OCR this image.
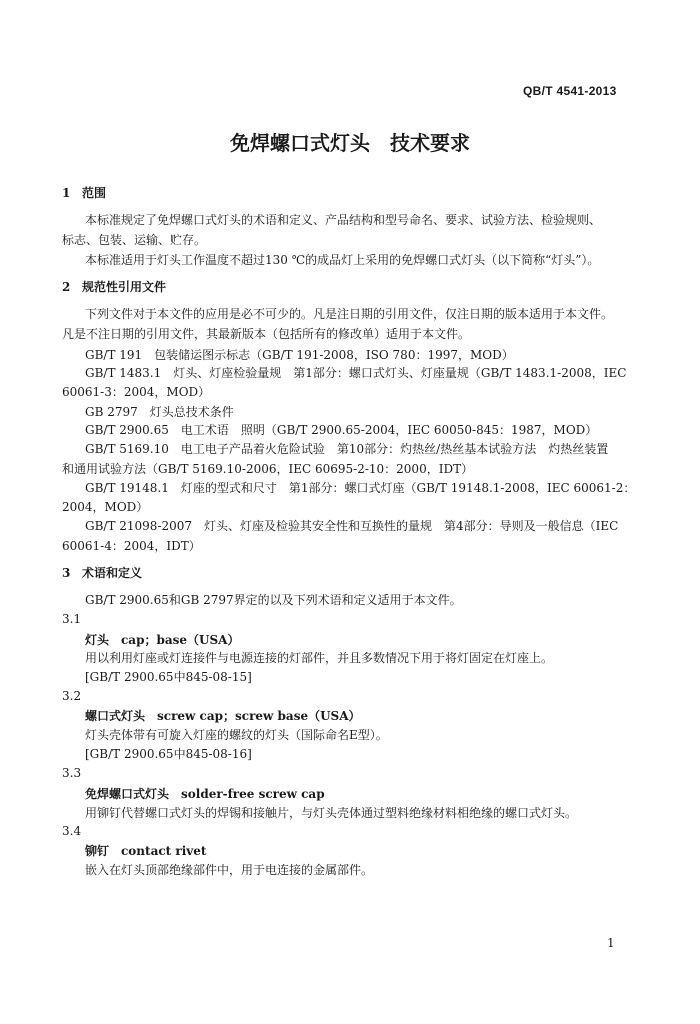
QB/T 4541-2013
免焊螺口式灯头　技术要求
1 范围
本标准规定了免焊螺口式灯头的术语和定义、产品结构和型号命名、要求、试验方法、检验规则、
标志、包装、运输、贮存。
本标准适用于灯头工作温度不超过130 ℃的成品灯上采用的免焊螺口式灯头（以下简称“灯头”）。
2 规范性引用文件
下列文件对于本文件的应用是必不可少的。凡是注日期的引用文件，仅注日期的版本适用于本文件。
凡是不注日期的引用文件，其最新版本（包括所有的修改单）适用于本文件。
GB/T 191　包装储运图示标志（GB/T 191-2008，ISO 780：1997，MOD）
GB/T 1483.1　灯头、灯座检验量规　第1部分：螺口式灯头、灯座量规（GB/T 1483.1-2008，IEC
60061-3：2004，MOD）
GB 2797　灯头总技术条件
GB/T 2900.65　电工术语　照明（GB/T 2900.65-2004，IEC 60050-845：1987，MOD）
GB/T 5169.10　电工电子产品着火危险试验　第10部分：灼热丝/热丝基本试验方法　灼热丝装置
和通用试验方法（GB/T 5169.10-2006，IEC 60695-2-10：2000，IDT）
GB/T 19148.1　灯座的型式和尺寸　第1部分：螺口式灯座（GB/T 19148.1-2008，IEC 60061-2：
2004，MOD）
GB/T 21098-2007　灯头、灯座及检验其安全性和互换性的量规　第4部分：导则及一般信息（IEC
60061-4：2004，IDT）
3 术语和定义
GB/T 2900.65和GB 2797界定的以及下列术语和定义适用于本文件。
3.1
灯头　cap；base（USA）
用以利用灯座或灯连接件与电源连接的灯部件，并且多数情况下用于将灯固定在灯座上。
[GB/T 2900.65中845-08-15]
3.2
螺口式灯头　screw cap；screw base（USA）
灯头壳体带有可旋入灯座的螺纹的灯头（国际命名E型）。
[GB/T 2900.65中845-08-16]
3.3
免焊螺口式灯头　solder-free screw cap
用铆钉代替螺口式灯头的焊锡和接触片，与灯头壳体通过塑料绝缘材料相绝缘的螺口式灯头。
3.4
铆钉　contact rivet
嵌入在灯头顶部绝缘部件中，用于电连接的金属部件。
1
